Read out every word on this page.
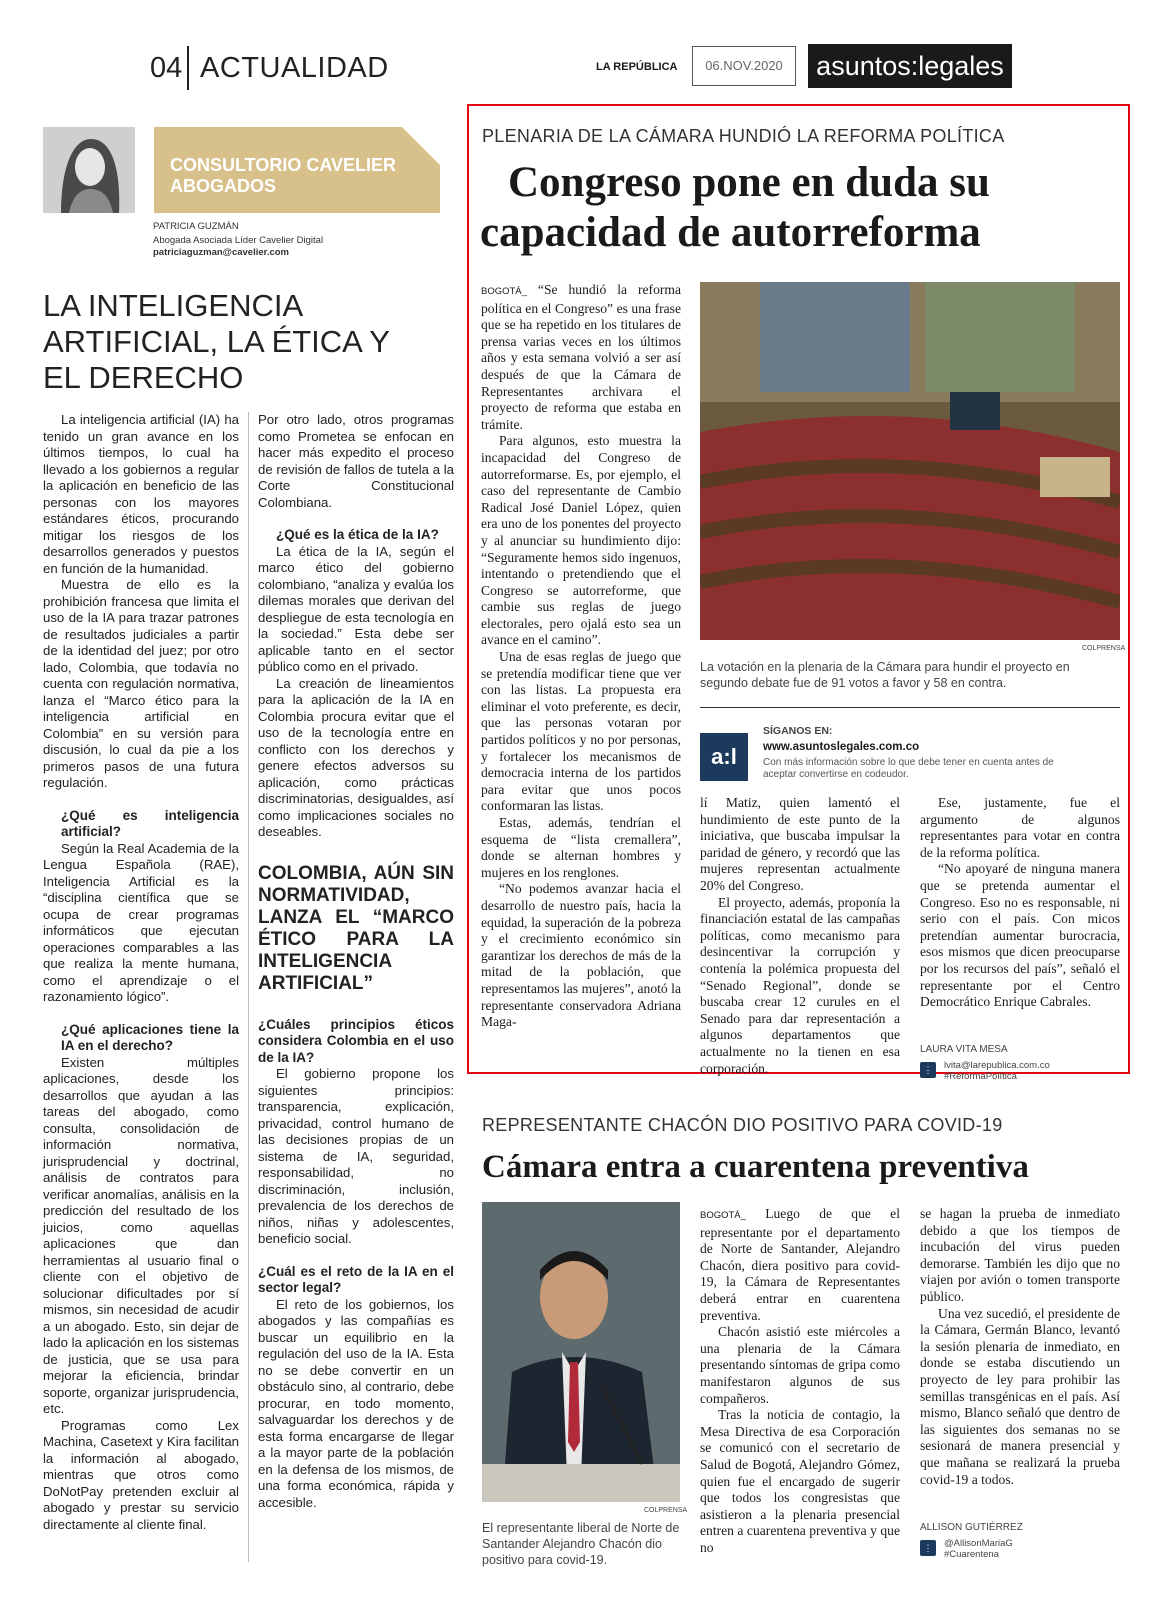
04 ACTUALIDAD	LA REPÚBLICA	06.NOV.2020	asuntos:legales
CONSULTORIO CAVELIER ABOGADOS
PATRICIA GUZMÁN
Abogada Asociada Líder Cavelier Digital
patriciaguzman@cavelier.com
LA INTELIGENCIA ARTIFICIAL, LA ÉTICA Y EL DERECHO

La inteligencia artificial (IA) ha tenido un gran avance en los últimos tiempos, lo cual ha llevado a los gobiernos a regular la aplicación en beneficio de las personas con los mayores estándares éticos, procurando mitigar los riesgos de los desarrollos generados y puestos en función de la humanidad.

Muestra de ello es la prohibición francesa que limita el uso de la IA para trazar patrones de resultados judiciales a partir de la identidad del juez; por otro lado, Colombia, que todavía no cuenta con regulación normativa, lanza el “Marco ético para la inteligencia artificial en Colombia” en su versión para discusión, lo cual da pie a los primeros pasos de una futura regulación.

¿Qué es inteligencia artificial?

Según la Real Academia de la Lengua Española (RAE), Inteligencia Artificial es la “disciplina científica que se ocupa de crear programas informáticos que ejecutan operaciones comparables a las que realiza la mente humana, como el aprendizaje o el razonamiento lógico”.

¿Qué aplicaciones tiene la IA en el derecho?

Existen múltiples aplicaciones, desde los desarrollos que ayudan a las tareas del abogado, como consulta, consolidación de información normativa, jurisprudencial y doctrinal, análisis de contratos para verificar anomalías, análisis en la predicción del resultado de los juicios, como aquellas aplicaciones que dan herramientas al usuario final o cliente con el objetivo de solucionar dificultades por sí mismos, sin necesidad de acudir a un abogado. Esto, sin dejar de lado la aplicación en los sistemas de justicia, que se usa para mejorar la eficiencia, brindar soporte, organizar jurisprudencia, etc.

Programas como Lex Machina, Casetext y Kira facilitan la información al abogado, mientras que otros como DoNotPay pretenden excluir al abogado y prestar su servicio directamente al cliente final.

Por otro lado, otros programas como Prometea se enfocan en hacer más expedito el proceso de revisión de fallos de tutela a la Corte Constitucional Colombiana.

¿Qué es la ética de la IA?

La ética de la IA, según el marco ético del gobierno colombiano, “analiza y evalúa los dilemas morales que derivan del despliegue de esta tecnología en la sociedad.” Esta debe ser aplicable tanto en el sector público como en el privado.

La creación de lineamientos para la aplicación de la IA en Colombia procura evitar que el uso de la tecnología entre en conflicto con los derechos y genere efectos adversos su aplicación, como prácticas discriminatorias, desigualdes, así como implicaciones sociales no deseables.

COLOMBIA, AÚN SIN NORMATIVIDAD, LANZA EL “MARCO ÉTICO PARA LA INTELIGENCIA ARTIFICIAL”
¿Cuáles principios éticos considera Colombia en el uso de la IA?

El gobierno propone los siguientes principios: transparencia, explicación, privacidad, control humano de las decisiones propias de un sistema de IA, seguridad, responsabilidad, no discriminación, inclusión, prevalencia de los derechos de niños, niñas y adolescentes, beneficio social.

¿Cuál es el reto de la IA en el sector legal?

El reto de los gobiernos, los abogados y las compañías es buscar un equilibrio en la regulación del uso de la IA. Esta no se debe convertir en un obstáculo sino, al contrario, debe procurar, en todo momento, salvaguardar los derechos y de esta forma encargarse de llegar a la mayor parte de la población en la defensa de los mismos, de una forma económica, rápida y accesible.

PLENARIA DE LA CÁMARA HUNDIÓ LA REFORMA POLÍTICA
Congreso pone en duda su
capacidad de autorreforma

BOGOTÁ_ “Se hundió la reforma política en el Congreso” es una frase que se ha repetido en los titulares de prensa varias veces en los últimos años y esta semana volvió a ser así después de que la Cámara de Representantes archivara el proyecto de reforma que estaba en trámite.

Para algunos, esto muestra la incapacidad del Congreso de autorreformarse. Es, por ejemplo, el caso del representante de Cambio Radical José Daniel López, quien era uno de los ponentes del proyecto y al anunciar su hundimiento dijo: “Seguramente hemos sido ingenuos, intentando o pretendiendo que el Congreso se autorreforme, que cambie sus reglas de juego electorales, pero ojalá esto sea un avance en el camino”.

Una de esas reglas de juego que se pretendía modificar tiene que ver con las listas. La propuesta era eliminar el voto preferente, es decir, que las personas votaran por partidos políticos y no por personas, y fortalecer los mecanismos de democracia interna de los partidos para evitar que unos pocos conformaran las listas.

Estas, además, tendrían el esquema de “lista cremallera”, donde se alternan hombres y mujeres en los renglones.

“No podemos avanzar hacia el desarrollo de nuestro país, hacia la equidad, la superación de la pobreza y el crecimiento económico sin garantizar los derechos de más de la mitad de la población, que representamos las mujeres”, anotó la representante conservadora Adriana Maga-

COLPRENSA
La votación en la plenaria de la Cámara para hundir el proyecto en segundo debate fue de 91 votos a favor y 58 en contra.
a:l
SÍGANOS EN:
www.asuntoslegales.com.co
Con más información sobre lo que debe tener en cuenta antes de aceptar convertirse en codeudor.

lí Matiz, quien lamentó el hundimiento de este punto de la iniciativa, que buscaba impulsar la paridad de género, y recordó que las mujeres representan actualmente 20% del Congreso.

El proyecto, además, proponía la financiación estatal de las campañas políticas, como mecanismo para desincentivar la corrupción y contenía la polémica propuesta del “Senado Regional”, donde se buscaba crear 12 curules en el Senado para dar representación a algunos departamentos que actualmente no la tienen en esa corporación.

Ese, justamente, fue el argumento de algunos representantes para votar en contra de la reforma política.

“No apoyaré de ninguna manera que se pretenda aumentar el Congreso. Eso no es responsable, ni serio con el país. Con micos pretendían aumentar burocracia, esos mismos que dicen preocuparse por los recursos del país”, señaló el representante por el Centro Democrático Enrique Cabrales.

LAURA VITA MESA
⋮	lvita@larepublica.com.co
#ReformaPolítica
REPRESENTANTE CHACÓN DIO POSITIVO PARA COVID-19
Cámara entra a cuarentena preventiva
COLPRENSA
El representante liberal de Norte de Santander Alejandro Chacón dio positivo para covid-19.

BOGOTÁ_ Luego de que el representante por el departamento de Norte de Santander, Alejandro Chacón, diera positivo para covid-19, la Cámara de Representantes deberá entrar en cuarentena preventiva.

Chacón asistió este miércoles a una plenaria de la Cámara presentando síntomas de gripa como manifestaron algunos de sus compañeros.

Tras la noticia de contagio, la Mesa Directiva de esa Corporación se comunicó con el secretario de Salud de Bogotá, Alejandro Gómez, quien fue el encargado de sugerir que todos los congresistas que asistieron a la plenaria presencial entren a cuarentena preventiva y que no

se hagan la prueba de inmediato debido a que los tiempos de incubación del virus pueden demorarse. También les dijo que no viajen por avión o tomen transporte público.

Una vez sucedió, el presidente de la Cámara, Germán Blanco, levantó la sesión plenaria de inmediato, en donde se estaba discutiendo un proyecto de ley para prohibir las semillas transgénicas en el país. Así mismo, Blanco señaló que dentro de las siguientes dos semanas no se sesionará de manera presencial y que mañana se realizará la prueba covid-19 a todos.

ALLISON GUTIÉRREZ
⋮	@AllisonMariaG
#Cuarentena
